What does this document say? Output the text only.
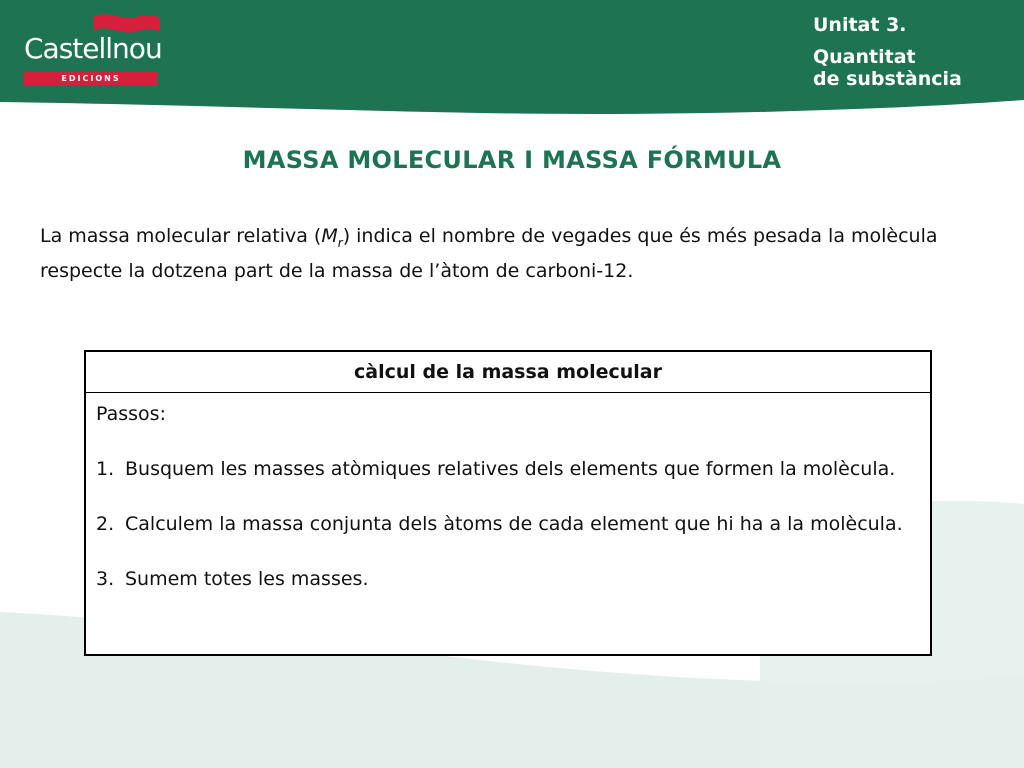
Castellnou
EDICIONS
Unitat 3.
Quantitat
de substància
MASSA MOLECULAR I MASSA FÓRMULA
La massa molecular relativa $(M_r)$ indica el nombre de vegades que és més pesada la molècula respecte la dotzena part de la massa de l’àtom de carboni-12.
càlcul de la massa molecular
Passos:
1. Busquem les masses atòmiques relatives dels elements que formen la molècula.
2. Calculem la massa conjunta dels àtoms de cada element que hi ha a la molècula.
3. Sumem totes les masses.
